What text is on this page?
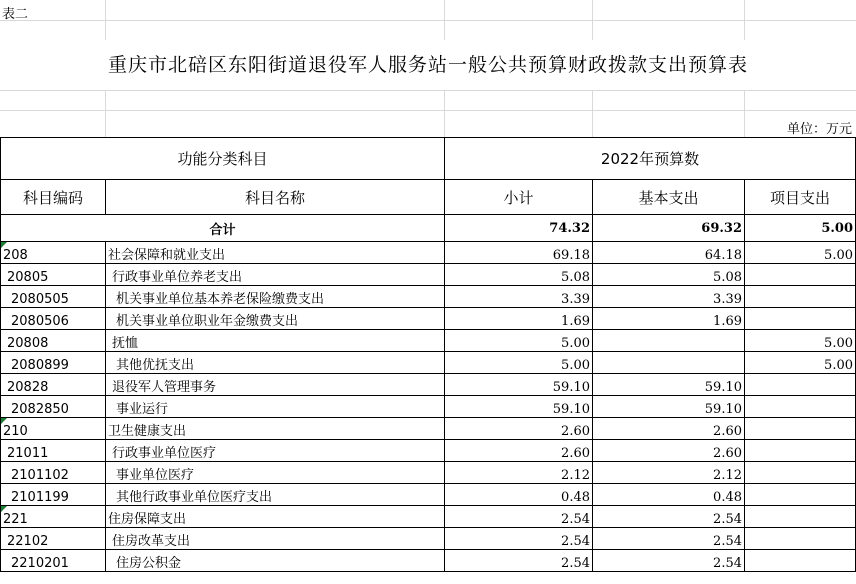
表二
重庆市北碚区东阳街道退役军人服务站一般公共预算财政拨款支出预算表
单位：万元
功能分类科目		2022年预算数		
科目编码	科目名称	小计	基本支出	项目支出
合计		74.32	69.32	5.00
208	社会保障和就业支出	69.18	64.18	5.00
20805	行政事业单位养老支出	5.08	5.08	
2080505	机关事业单位基本养老保险缴费支出	3.39	3.39	
2080506	机关事业单位职业年金缴费支出	1.69	1.69	
20808	抚恤	5.00		5.00
2080899	其他优抚支出	5.00		5.00
20828	退役军人管理事务	59.10	59.10	
2082850	事业运行	59.10	59.10	
210	卫生健康支出	2.60	2.60	
21011	行政事业单位医疗	2.60	2.60	
2101102	事业单位医疗	2.12	2.12	
2101199	其他行政事业单位医疗支出	0.48	0.48	
221	住房保障支出	2.54	2.54	
22102	住房改革支出	2.54	2.54	
2210201	住房公积金	2.54	2.54	
